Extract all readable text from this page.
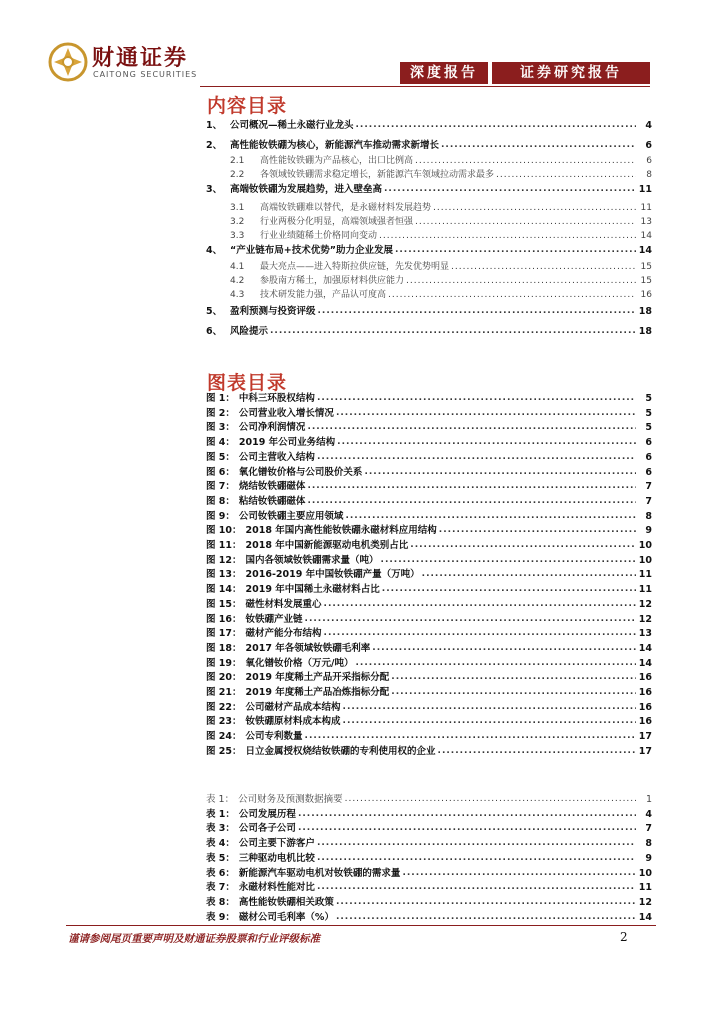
财通证券
CAITONG SECURITIES	深度报告	证券研究报告
内容目录
1、 公司概况—稀土永磁行业龙头 .....	4
2、 高性能钕铁硼为核心，新能源汽车推动需求新增长 .....	6
2.1	高性能钕铁硼为产品核心，出口比例高 .....	6
2.2	各领域钕铁硼需求稳定增长，新能源汽车领域拉动需求最多 .....	8
3、 高端钕铁硼为发展趋势，进入壁垒高 .....	11
3.1	高端钕铁硼难以替代，是永磁材料发展趋势 .....	11
3.2	行业两极分化明显，高端领域强者恒强 .....	13
3.3	行业业绩随稀土价格同向变动 .....	14
4、 “产业链布局+技术优势”助力企业发展 .....	14
4.1	最大亮点——进入特斯拉供应链，先发优势明显 .....	15
4.2	参股南方稀土，加强原材料供应能力 .....	15
4.3	技术研发能力强，产品认可度高 .....	16
5、 盈利预测与投资评级 .....	18
6、 风险提示 .....	18
图表目录
图 1： 中科三环股权结构 .....	5
图 2： 公司营业收入增长情况 .....	5
图 3： 公司净利润情况 .....	5
图 4： 2019 年公司业务结构 .....	6
图 5： 公司主营收入结构 .....	6
图 6： 氧化镨钕价格与公司股价关系 .....	6
图 7： 烧结钕铁硼磁体 .....	7
图 8： 粘结钕铁硼磁体 .....	7
图 9： 公司钕铁硼主要应用领域 .....	8
图 10： 2018 年国内高性能钕铁硼永磁材料应用结构 .....	9
图 11： 2018 年中国新能源驱动电机类别占比 .....	10
图 12： 国内各领域钕铁硼需求量（吨） .....	10
图 13： 2016-2019 年中国钕铁硼产量（万吨） .....	11
图 14： 2019 年中国稀土永磁材料占比 .....	11
图 15： 磁性材料发展重心 .....	12
图 16： 钕铁硼产业链 .....	12
图 17： 磁材产能分布结构 .....	13
图 18： 2017 年各领域钕铁硼毛利率 .....	14
图 19： 氧化镨钕价格（万元/吨） .....	14
图 20： 2019 年度稀土产品开采指标分配 .....	16
图 21： 2019 年度稀土产品冶炼指标分配 .....	16
图 22： 公司磁材产品成本结构 .....	16
图 23： 钕铁硼原材料成本构成 .....	16
图 24： 公司专利数量 .....	17
图 25： 日立金属授权烧结钕铁硼的专利使用权的企业 .....	17
表 1： 公司财务及预测数据摘要 .....	1
表 1： 公司发展历程 .....	4
表 3： 公司各子公司 .....	7
表 4： 公司主要下游客户 .....	8
表 5： 三种驱动电机比较 .....	9
表 6： 新能源汽车驱动电机对钕铁硼的需求量 .....	10
表 7： 永磁材料性能对比 .....	11
表 8： 高性能钕铁硼相关政策 .....	12
表 9： 磁材公司毛利率（%） .....	14
谨请参阅尾页重要声明及财通证券股票和行业评级标准	2
